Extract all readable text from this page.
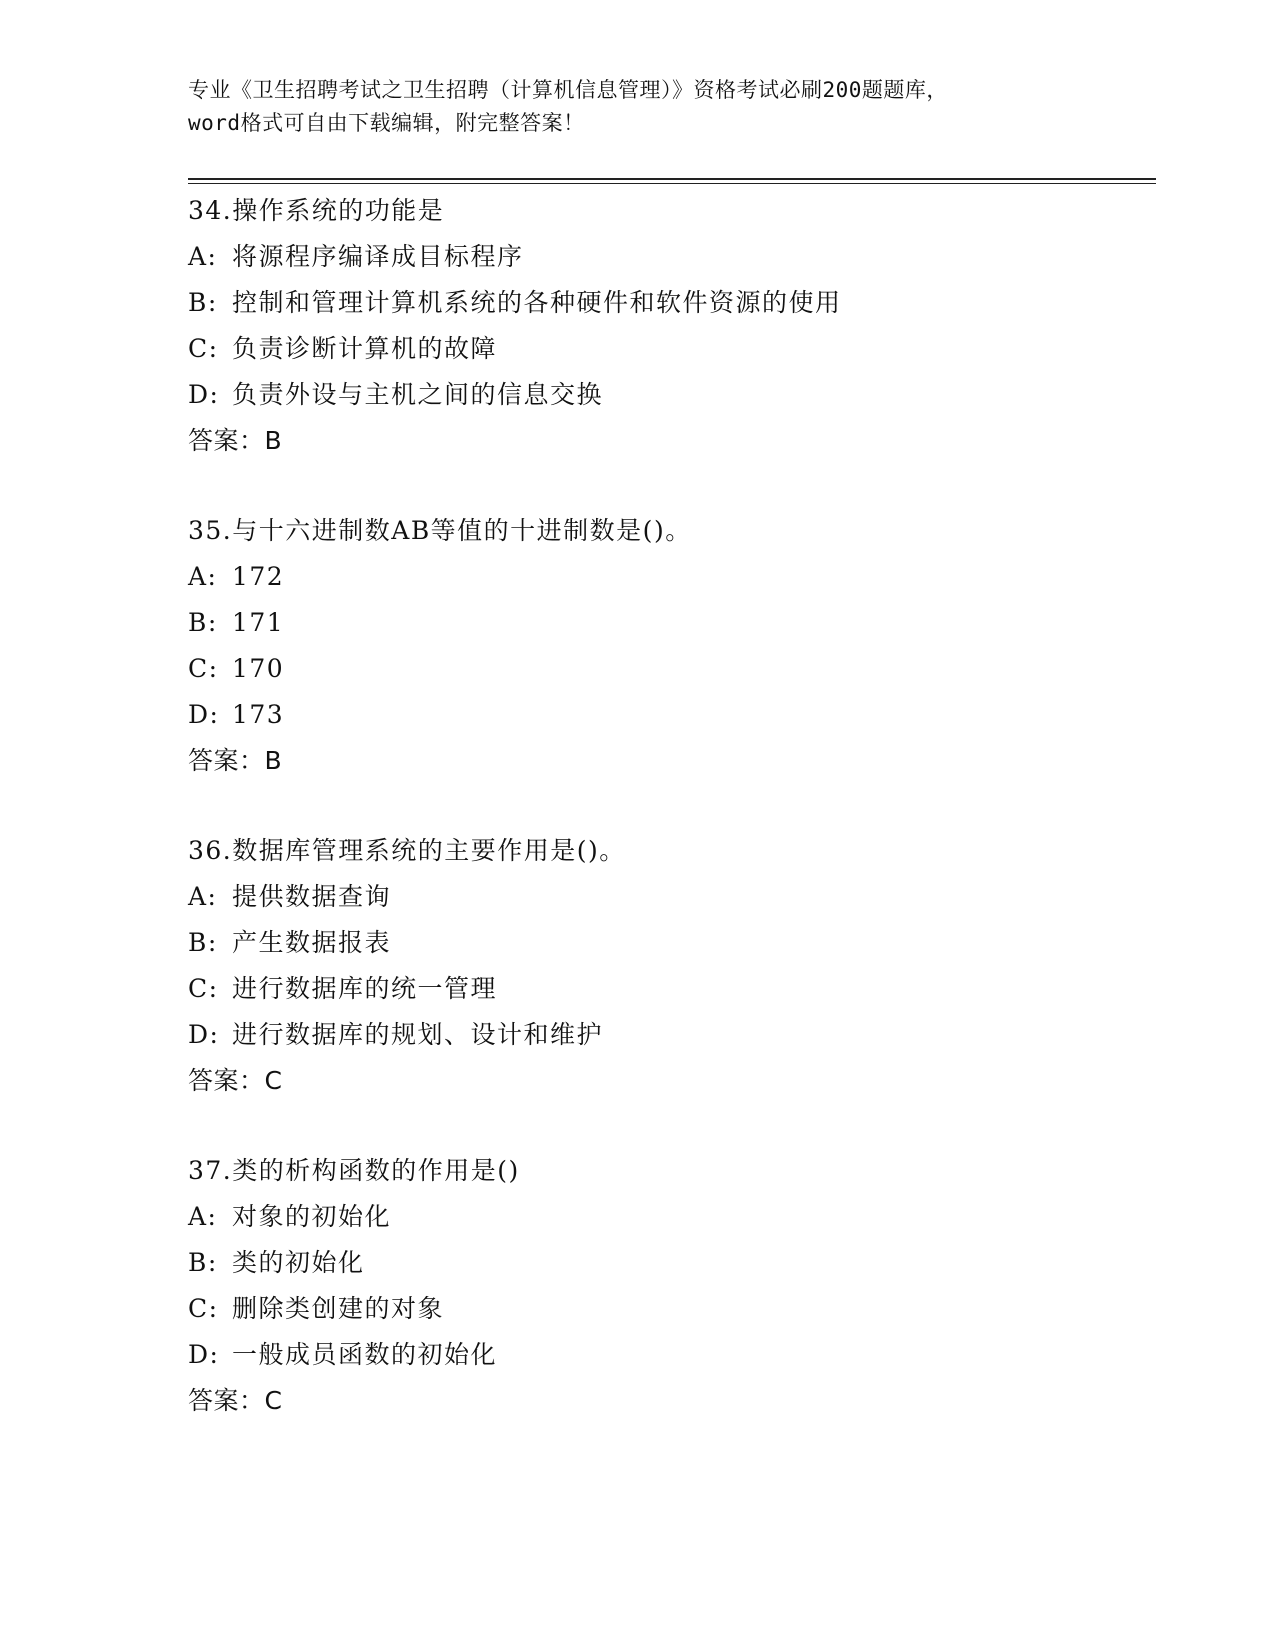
专业《卫生招聘考试之卫生招聘（计算机信息管理）》资格考试必刷200题题库，

word格式可自由下载编辑，附完整答案！

34.操作系统的功能是
A: 将源程序编译成目标程序
B: 控制和管理计算机系统的各种硬件和软件资源的使用
C: 负责诊断计算机的故障
D: 负责外设与主机之间的信息交换
答案：B
35.与十六进制数AB等值的十进制数是()。
A: 172
B: 171
C: 170
D: 173
答案：B
36.数据库管理系统的主要作用是()。
A: 提供数据查询
B: 产生数据报表
C: 进行数据库的统一管理
D: 进行数据库的规划、设计和维护
答案：C
37.类的析构函数的作用是()
A: 对象的初始化
B: 类的初始化
C: 删除类创建的对象
D: 一般成员函数的初始化
答案：C
